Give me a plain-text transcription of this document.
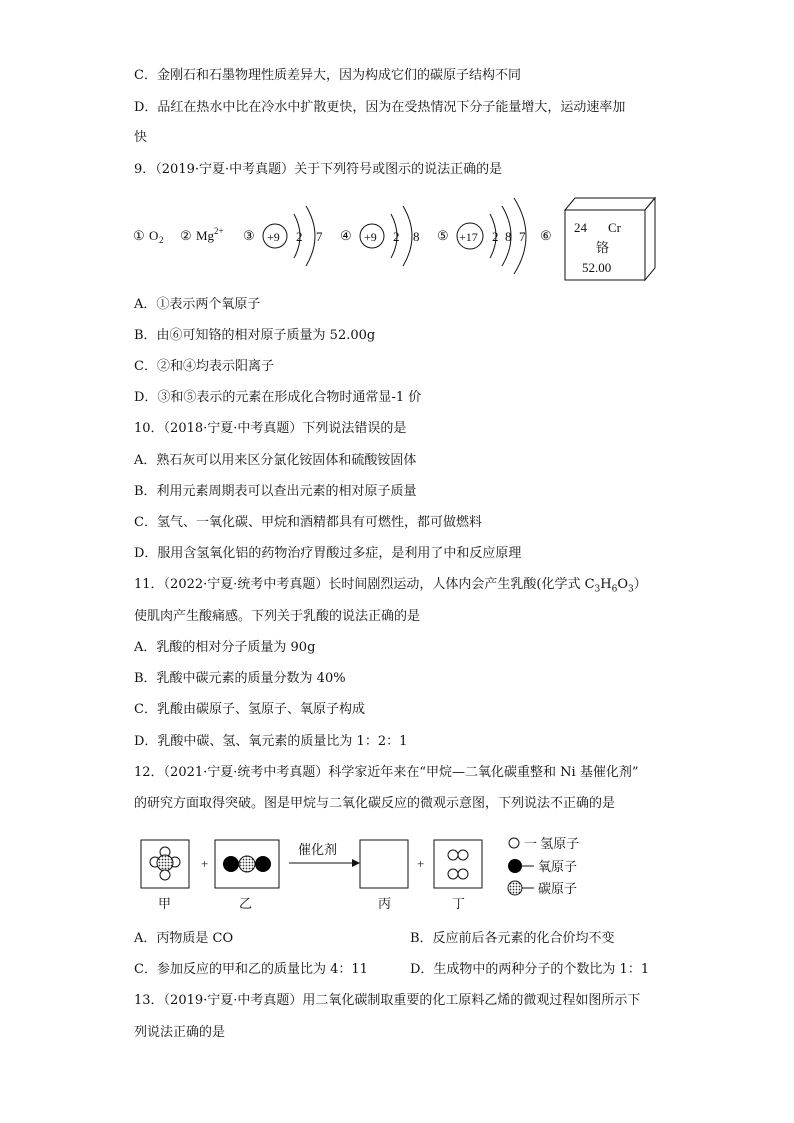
C．金刚石和石墨物理性质差异大，因为构成它们的碳原子结构不同
D．品红在热水中比在冷水中扩散更快，因为在受热情况下分子能量增大，运动速率加
快
9．（2019·宁夏·中考真题）关于下列符号或图示的说法正确的是
① O 2 ② Mg 2+ ③ +9 2 7 ④ +9 2 8 ⑤ +17 2 8 7 ⑥
24 Cr
铬
52.00
A．①表示两个氧原子
B．由⑥可知铬的相对原子质量为 52.00g
C．②和④均表示阳离子
D．③和⑤表示的元素在形成化合物时通常显-1 价
10．（2018·宁夏·中考真题）下列说法错误的是
A．熟石灰可以用来区分氯化铵固体和硫酸铵固体
B．利用元素周期表可以查出元素的相对原子质量
C．氢气、一氧化碳、甲烷和酒精都具有可燃性，都可做燃料
D．服用含氢氧化铝的药物治疗胃酸过多症，是利用了中和反应原理
11．（2022·宁夏·统考中考真题）长时间剧烈运动，人体内会产生乳酸(化学式 $C_3H_6O_3$）
使肌肉产生酸痛感。下列关于乳酸的说法正确的是
A．乳酸的相对分子质量为 90g
B．乳酸中碳元素的质量分数为 40%
C．乳酸由碳原子、氢原子、氧原子构成
D．乳酸中碳、氢、氧元素的质量比为 1：2：1
12．（2021·宁夏·统考中考真题）科学家近年来在“甲烷—二氧化碳重整和 Ni 基催化剂”
的研究方面取得突破。图是甲烷与二氧化碳反应的微观示意图，下列说法不正确的是
+
催化剂
+
甲	乙	丙	丁
一 氢原子
氧原子
碳原子
A．丙物质是 CO	B．反应前后各元素的化合价均不变
C．参加反应的甲和乙的质量比为 4：11	D．生成物中的两种分子的个数比为 1：1
13．（2019·宁夏·中考真题）用二氧化碳制取重要的化工原料乙烯的微观过程如图所示下
列说法正确的是
